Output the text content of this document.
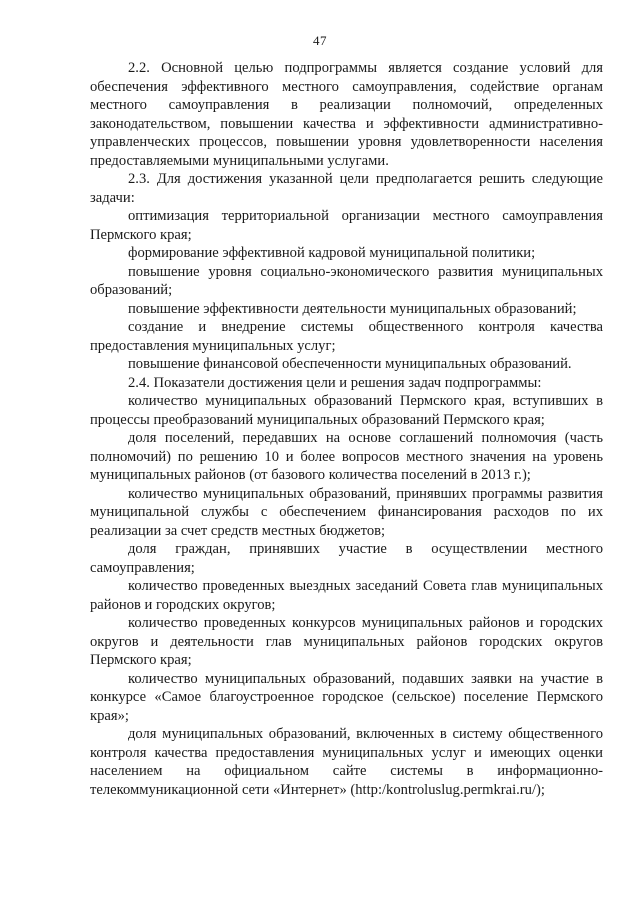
47

2.2. Основной целью подпрограммы является создание условий для обеспечения эффективного местного самоуправления, содействие органам местного самоуправления в реализации полномочий, определенных законодательством, повышении качества и эффективности административно-управленческих процессов, повышении уровня удовлетворенности населения предоставляемыми муниципальными услугами.

2.3. Для достижения указанной цели предполагается решить следующие задачи:

оптимизация территориальной организации местного самоуправления Пермского края;

формирование эффективной кадровой муниципальной политики;

повышение уровня социально-экономического развития муниципальных образований;

повышение эффективности деятельности муниципальных образований;

создание и внедрение системы общественного контроля качества предоставления муниципальных услуг;

повышение финансовой обеспеченности муниципальных образований.

2.4. Показатели достижения цели и решения задач подпрограммы:

количество муниципальных образований Пермского края, вступивших в процессы преобразований муниципальных образований Пермского края;

доля поселений, передавших на основе соглашений полномочия (часть полномочий) по решению 10 и более вопросов местного значения на уровень муниципальных районов (от базового количества поселений в 2013 г.);

количество муниципальных образований, принявших программы развития муниципальной службы с обеспечением финансирования расходов по их реализации за счет средств местных бюджетов;

доля граждан, принявших участие в осуществлении местного самоуправления;

количество проведенных выездных заседаний Совета глав муниципальных районов и городских округов;

количество проведенных конкурсов муниципальных районов и городских округов и деятельности глав муниципальных районов городских округов Пермского края;

количество муниципальных образований, подавших заявки на участие в конкурсе «Самое благоустроенное городское (сельское) поселение Пермского края»;

доля муниципальных образований, включенных в систему общественного контроля качества предоставления муниципальных услуг и имеющих оценки населением на официальном сайте системы в информационно-телекоммуникационной сети «Интернет» (http:/kontroluslug.permkrai.ru/);
